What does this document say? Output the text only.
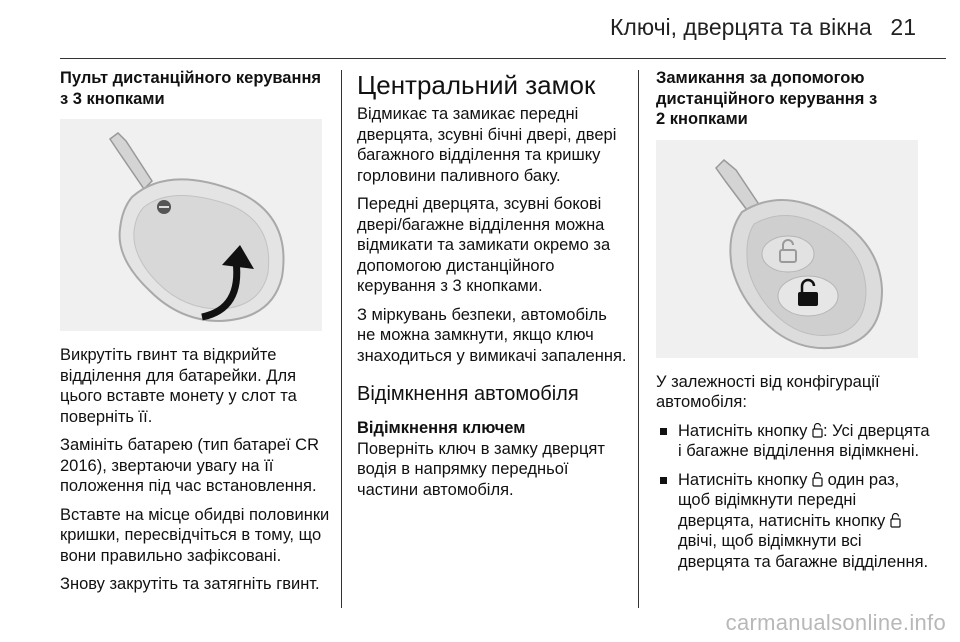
Ключі, дверцята та вікна 21
Пульт дистанційного керування
з 3 кнопками

Викрутіть гвинт та відкрийте відділення для батарейки. Для цього вставте монету у слот та поверніть її.

Замініть батарею (тип батареї CR 2016), звертаючи увагу на її положення під час встановлення.

Вставте на місце обидві половинки кришки, пересвідчіться в тому, що вони правильно зафіксовані.

Знову закрутіть та затягніть гвинт.

Центральний замок

Відмикає та замикає передні дверцята, зсувні бічні двері, двері багажного відділення та кришку горловини паливного баку.

Передні дверцята, зсувні бокові двері/багажне відділення можна відмикати та замикати окремо за допомогою дистанційного керування з 3 кнопками.

З міркувань безпеки, автомобіль не можна замкнути, якщо ключ знаходиться у вимикачі запалення.

Відімкнення автомобіля
Відімкнення ключем

Поверніть ключ в замку дверцят водія в напрямку передньої частини автомобіля.

Замикання за допомогою
дистанційного керування з
2 кнопками

У залежності від конфігурації автомобіля:

Натисніть кнопку : Усі дверцята і багажне відділення відімкнені.
Натисніть кнопку один раз, щоб відімкнути передні дверцята, натисніть кнопку  двічі, щоб відімкнути всі дверцята та багажне відділення.
carmanualsonline.info
